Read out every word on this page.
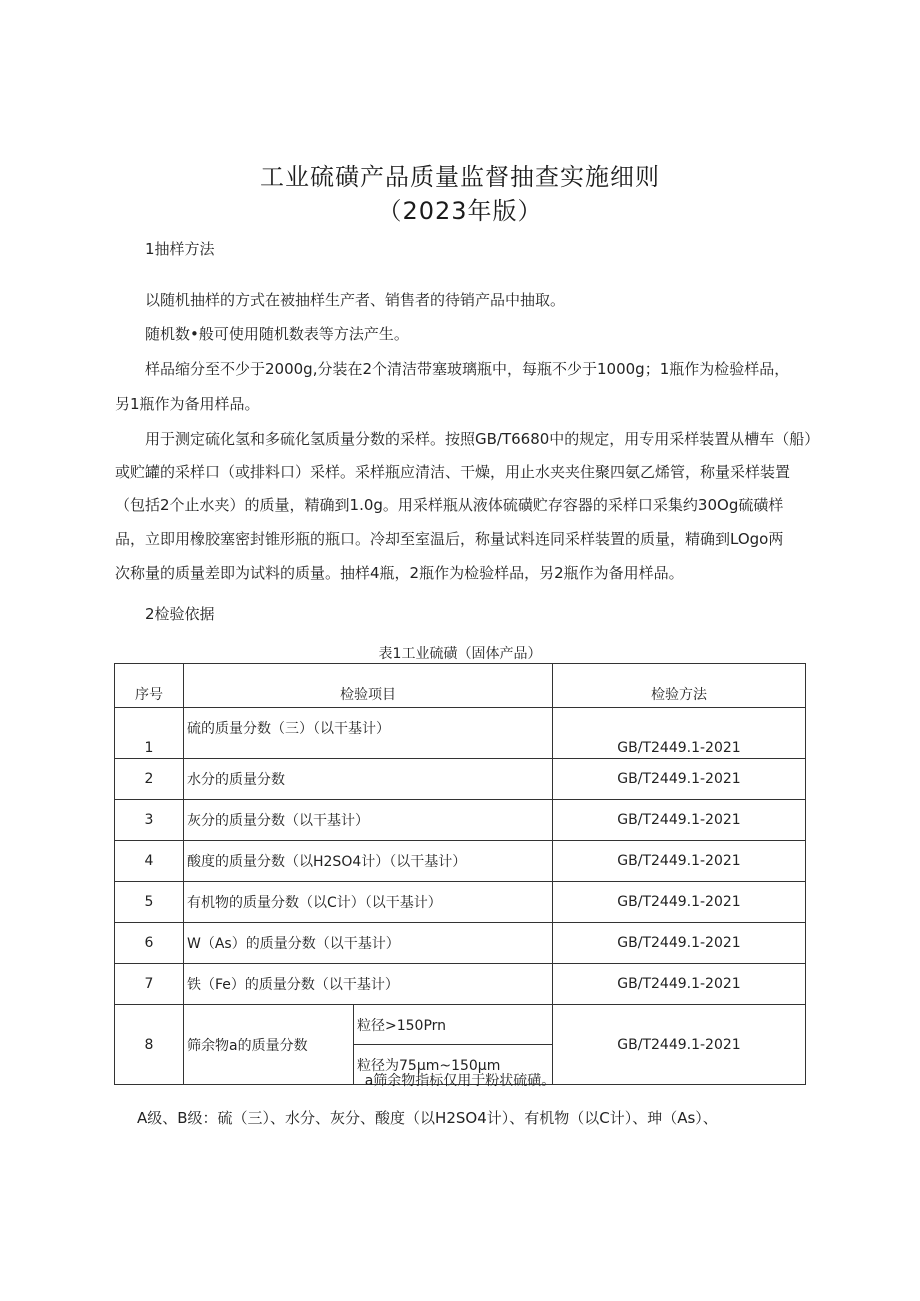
工业硫磺产品质量监督抽查实施细则
（2023年版）
1抽样方法
以随机抽样的方式在被抽样生产者、销售者的待销产品中抽取。
随机数•般可使用随机数表等方法产生。
样品缩分至不少于2000g,分装在2个清洁带塞玻璃瓶中，每瓶不少于1000g；1瓶作为检验样品，
另1瓶作为备用样品。
用于测定硫化氢和多硫化氢质量分数的采样。按照GB/T6680中的规定，用专用采样装置从槽车（船）
或贮罐的采样口（或排料口）采样。采样瓶应清洁、干燥，用止水夹夹住聚四氨乙烯管，称量采样装置
（包括2个止水夹）的质量，精确到1.0g。用采样瓶从液体硫磺贮存容器的采样口采集约30Og硫磺样
品，立即用橡胶塞密封锥形瓶的瓶口。冷却至室温后，称量试料连同采样装置的质量，精确到LOgo两
次称量的质量差即为试料的质量。抽样4瓶，2瓶作为检验样品，另2瓶作为备用样品。
2检验依据
表1工业硫磺（固体产品）
序号	检验项目		检验方法
1	硫的质量分数（三）（以干基计）		GB/T2449.1-2021
2	水分的质量分数		GB/T2449.1-2021
3	灰分的质量分数（以干基计）		GB/T2449.1-2021
4	酸度的质量分数（以H2SO4计）（以干基计）		GB/T2449.1-2021
5	有机物的质量分数（以C计）（以干基计）		GB/T2449.1-2021
6	W（As）的质量分数（以干基计）		GB/T2449.1-2021
7	铁（Fe）的质量分数（以干基计）		GB/T2449.1-2021
8	筛余物a的质量分数	粒径>150Prn	GB/T2449.1-2021
		粒径为75μm~150μm	
a筛余物指标仅用于粉状硫磺。
A级、B级：硫（三）、水分、灰分、酸度（以H2SO4计）、有机物（以C计）、珅（As）、
